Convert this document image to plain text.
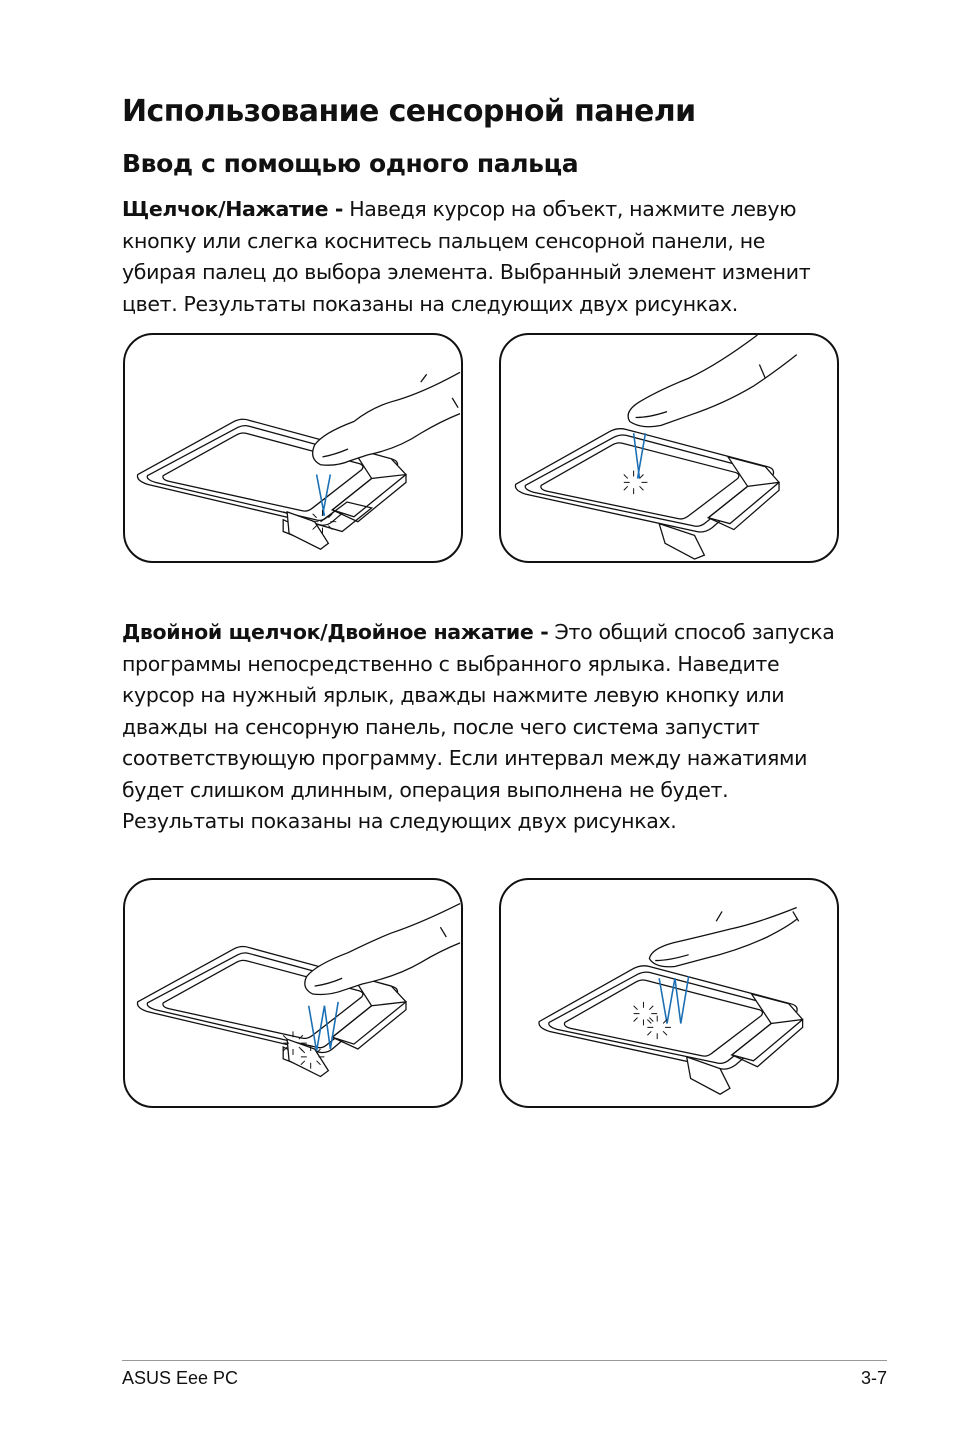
Использование сенсорной панели
Ввод с помощью одного пальца

Щелчок/Нажатие - Наведя курсор на объект, нажмите левую кнопку или слегка коснитесь пальцем сенсорной панели, не убирая палец до выбора элемента. Выбранный элемент изменит цвет. Результаты показаны на следующих двух рисунках.

Двойной щелчок/Двойное нажатие - Это общий способ запуска программы непосредственно с выбранного ярлыка. Наведите курсор на нужный ярлык, дважды нажмите левую кнопку или дважды на сенсорную панель, после чего система запустит соответствующую программу. Если интервал между нажатиями будет слишком длинным, операция выполнена не будет. Результаты показаны на следующих двух рисунках.

ASUS Eee PC	3-7
